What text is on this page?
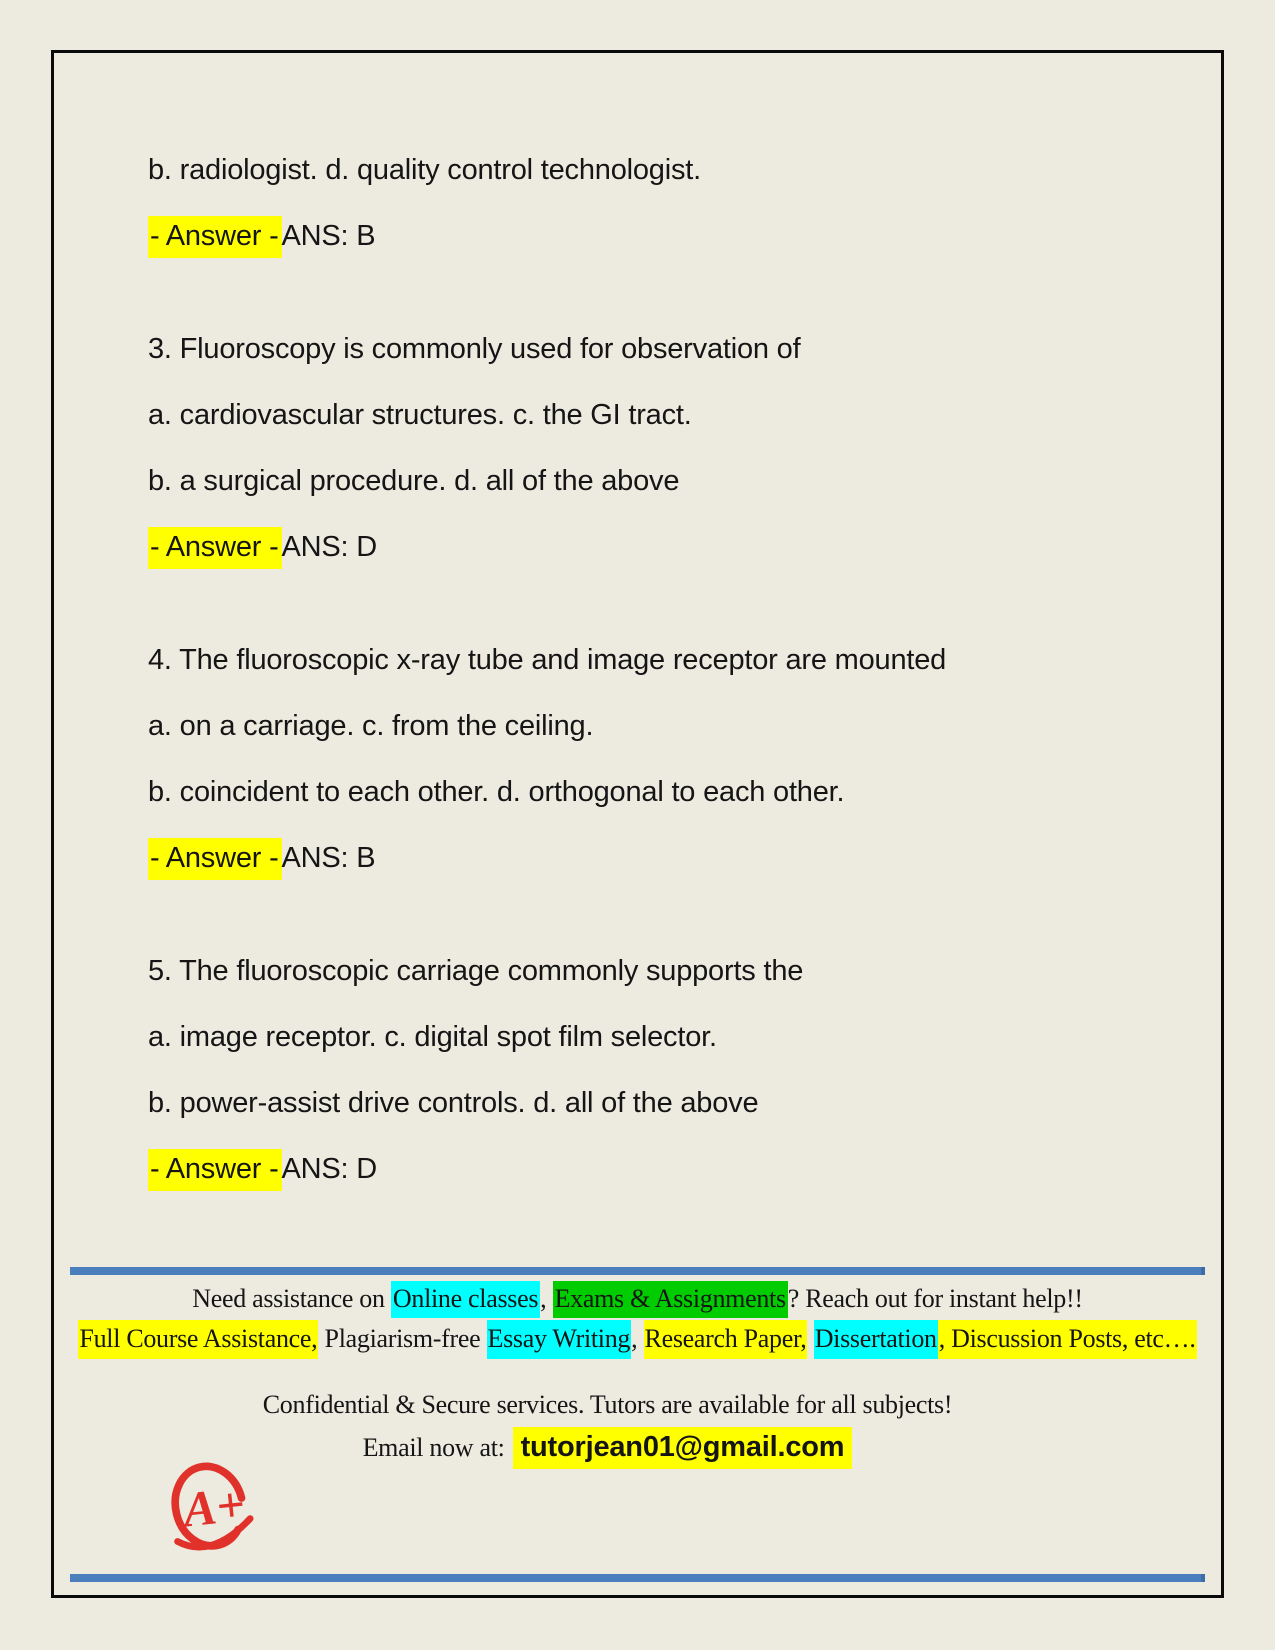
b. radiologist. d. quality control technologist.

- Answer - ANS: B

3. Fluoroscopy is commonly used for observation of

a. cardiovascular structures. c. the GI tract.

b. a surgical procedure. d. all of the above

- Answer - ANS: D

4. The fluoroscopic x-ray tube and image receptor are mounted

a. on a carriage. c. from the ceiling.

b. coincident to each other. d. orthogonal to each other.

- Answer - ANS: B

5. The fluoroscopic carriage commonly supports the

a. image receptor. c. digital spot film selector.

b. power-assist drive controls. d. all of the above

- Answer - ANS: D

Need assistance on Online classes, Exams & Assignments? Reach out for instant help!!
Full Course Assistance, Plagiarism-free Essay Writing, Research Paper, Dissertation, Discussion Posts, etc….
Confidential & Secure services. Tutors are available for all subjects!
Email now at: tutorjean01@gmail.com
A+
